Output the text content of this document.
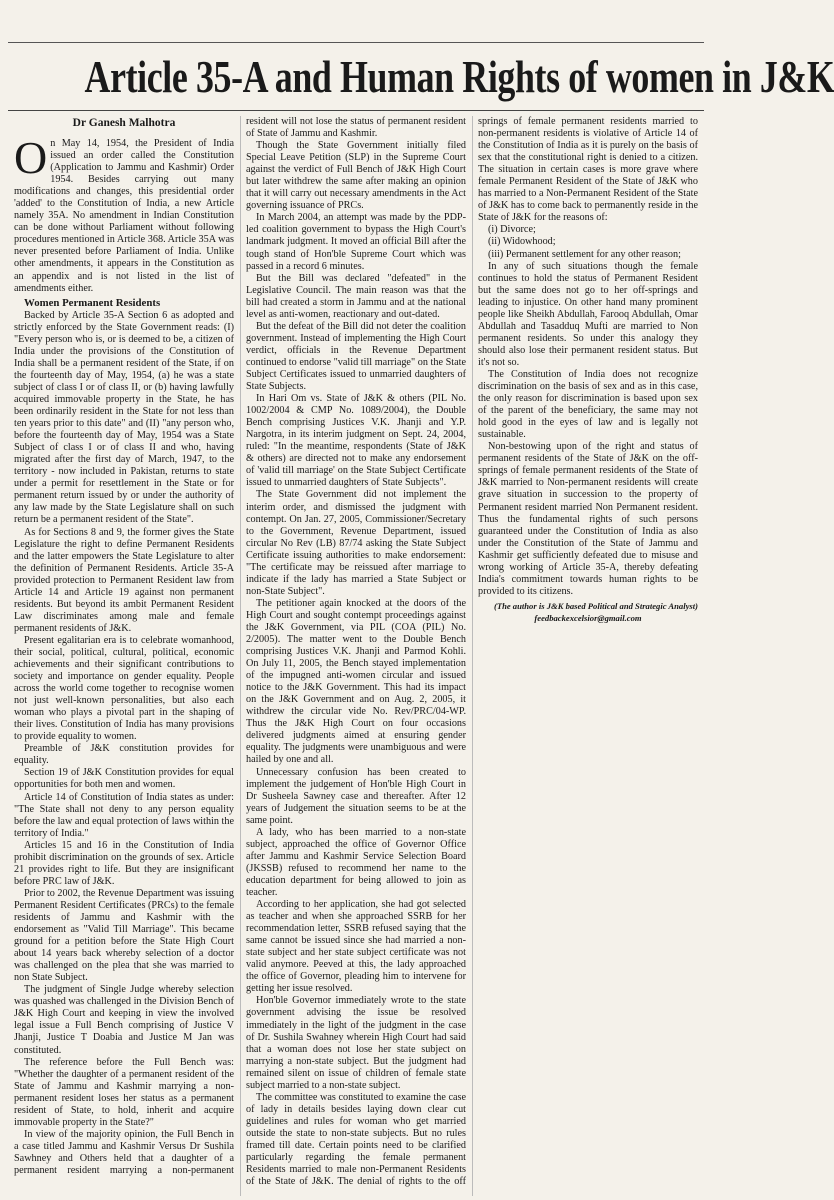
Article 35-A and Human Rights of women in J&K
Dr Ganesh Malhotra

On May 14, 1954, the President of India issued an order called the Constitution (Application to Jammu and Kashmir) Order 1954. Besides carrying out many modifications and changes, this presidential order 'added' to the Constitution of India, a new Article namely 35A. No amendment in Indian Constitution can be done without Parliament without following procedures mentioned in Article 368. Article 35A was never presented before Parliament of India. Unlike other amendments, it appears in the Constitution as an appendix and is not listed in the list of amendments either.

Women Permanent Residents

Backed by Article 35-A Section 6 as adopted and strictly enforced by the State Government reads: (I) "Every person who is, or is deemed to be, a citizen of India under the provisions of the Constitution of India shall be a permanent resident of the State, if on the fourteenth day of May, 1954, (a) he was a state subject of class I or of class II, or (b) having lawfully acquired immovable property in the State, he has been ordinarily resident in the State for not less than ten years prior to this date" and (II) "any person who, before the fourteenth day of May, 1954 was a State Subject of class I or of class II and who, having migrated after the first day of March, 1947, to the territory - now included in Pakistan, returns to state under a permit for resettlement in the State or for permanent return issued by or under the authority of any law made by the State Legislature shall on such return be a permanent resident of the State".

As for Sections 8 and 9, the former gives the State Legislature the right to define Permanent Residents and the latter empowers the State Legislature to alter the definition of Permanent Residents. Article 35-A provided protection to Permanent Resident law from Article 14 and Article 19 against non permanent residents. But beyond its ambit Permanent Resident Law discriminates among male and female permanent residents of J&K.

Present egalitarian era is to celebrate womanhood, their social, political, cultural, political, economic achievements and their significant contributions to society and importance on gender equality. People across the world come together to recognise women not just well-known personalities, but also each woman who plays a pivotal part in the shaping of their lives. Constitution of India has many provisions to provide equality to women.

Preamble of J&K constitution provides for equality.

Section 19 of J&K Constitution provides for equal opportunities for both men and women.

Article 14 of Constitution of India states as under: "The State shall not deny to any person equality before the law and equal protection of laws within the territory of India."

Articles 15 and 16 in the Constitution of India prohibit discrimination on the grounds of sex. Article 21 provides right to life. But they are insignificant before PRC law of J&K.

Prior to 2002, the Revenue Department was issuing Permanent Resident Certificates (PRCs) to the female residents of Jammu and Kashmir with the endorsement as "Valid Till Marriage". This became ground for a petition before the State High Court about 14 years back whereby selection of a doctor was challenged on the plea that she was married to non State Subject.

The judgment of Single Judge whereby selection was quashed was challenged in the Division Bench of J&K High Court and keeping in view the involved legal issue a Full Bench comprising of Justice V Jhanji, Justice T Doabia and Justice M Jan was constituted.

The reference before the Full Bench was: "Whether the daughter of a permanent resident of the State of Jammu and Kashmir marrying a non-permanent resident loses her status as a permanent resident of State, to hold, inherit and acquire immovable property in the State?"

In view of the majority opinion, the Full Bench in a case titled Jammu and Kashmir Versus Dr Sushila Sawhney and Others held that a daughter of a permanent resident marrying a non-permanent resident will not lose the status of permanent resident of State of Jammu and Kashmir.

Though the State Government initially filed Special Leave Petition (SLP) in the Supreme Court against the verdict of Full Bench of J&K High Court but later withdrew the same after making an opinion that it will carry out necessary amendments in the Act governing issuance of PRCs.

In March 2004, an attempt was made by the PDP-led coalition government to bypass the High Court's landmark judgment. It moved an official Bill after the tough stand of Hon'ble Supreme Court which was passed in a record 6 minutes.

But the Bill was declared "defeated" in the Legislative Council. The main reason was that the bill had created a storm in Jammu and at the national level as anti-women, reactionary and out-dated.

But the defeat of the Bill did not deter the coalition government. Instead of implementing the High Court verdict, officials in the Revenue Department continued to endorse "valid till marriage" on the State Subject Certificates issued to unmarried daughters of State Subjects.

In Hari Om vs. State of J&K & others (PIL No. 1002/2004 & CMP No. 1089/2004), the Double Bench comprising Justices V.K. Jhanji and Y.P. Nargotra, in its interim judgment on Sept. 24, 2004, ruled: "In the meantime, respondents (State of J&K & others) are directed not to make any endorsement of 'valid till marriage' on the State Subject Certificate issued to unmarried daughters of State Subjects".

The State Government did not implement the interim order, and dismissed the judgment with contempt. On Jan. 27, 2005, Commissioner/Secretary to the Government, Revenue Department, issued circular No Rev (LB) 87/74 asking the State Subject Certificate issuing authorities to make endorsement: "The certificate may be reissued after marriage to indicate if the lady has married a State Subject or non-State Subject".

The petitioner again knocked at the doors of the High Court and sought contempt proceedings against the J&K Government, via PIL (COA (PIL) No. 2/2005). The matter went to the Double Bench comprising Justices V.K. Jhanji and Parmod Kohli. On July 11, 2005, the Bench stayed implementation of the impugned anti-women circular and issued notice to the J&K Government. This had its impact on the J&K Government and on Aug. 2, 2005, it withdrew the circular vide No. Rev/PRC/04-WP. Thus the J&K High Court on four occasions delivered judgments aimed at ensuring gender equality. The judgments were unambiguous and were hailed by one and all.

Unnecessary confusion has been created to implement the judgement of Hon'ble High Court in Dr Susheela Sawney case and thereafter. After 12 years of Judgement the situation seems to be at the same point.

A lady, who has been married to a non-state subject, approached the office of Governor Office after Jammu and Kashmir Service Selection Board (JKSSB) refused to recommend her name to the education department for being allowed to join as teacher.

According to her application, she had got selected as teacher and when she approached SSRB for her recommendation letter, SSRB refused saying that the same cannot be issued since she had married a non-state subject and her state subject certificate was not valid anymore. Peeved at this, the lady approached the office of Governor, pleading him to intervene for getting her issue resolved.

Hon'ble Governor immediately wrote to the state government advising the issue be resolved immediately in the light of the judgment in the case of Dr. Sushila Swahney wherein High Court had said that a woman does not lose her state subject on marrying a non-state subject. But the judgment had remained silent on issue of children of female state subject married to a non-state subject.

The committee was constituted to examine the case of lady in details besides laying down clear cut guidelines and rules for woman who get married outside the state to non-state subjects. But no rules framed till date. Certain points need to be clarified particularly regarding the female permanent Residents married to male non-Permanent Residents of the State of J&K. The denial of rights to the off springs of female permanent residents married to non-permanent residents is violative of Article 14 of the Constitution of India as it is purely on the basis of sex that the constitutional right is denied to a citizen. The situation in certain cases is more grave where female Permanent Resident of the State of J&K who has married to a Non-Permanent Resident of the State of J&K has to come back to permanently reside in the State of J&K for the reasons of:

(i) Divorce;

(ii) Widowhood;

(iii) Permanent settlement for any other reason;

In any of such situations though the female continues to hold the status of Permanent Resident but the same does not go to her off-springs and leading to injustice. On other hand many prominent people like Sheikh Abdullah, Farooq Abdullah, Omar Abdullah and Tasadduq Mufti are married to Non permanent residents. So under this analogy they should also lose their permanent resident status. But it's not so.

The Constitution of India does not recognize discrimination on the basis of sex and as in this case, the only reason for discrimination is based upon sex of the parent of the beneficiary, the same may not hold good in the eyes of law and is legally not sustainable.

Non-bestowing upon of the right and status of permanent residents of the State of J&K on the off-springs of female permanent residents of the State of J&K married to Non-permanent residents will create grave situation in succession to the property of Permanent resident married Non Permanent resident. Thus the fundamental rights of such persons guaranteed under the Constitution of India as also under the Constitution of the State of Jammu and Kashmir get sufficiently defeated due to misuse and wrong working of Article 35-A, thereby defeating India's commitment towards human rights to be provided to its citizens.

(The author is J&K based Political and Strategic Analyst)
feedbackexcelsior@gmail.com
